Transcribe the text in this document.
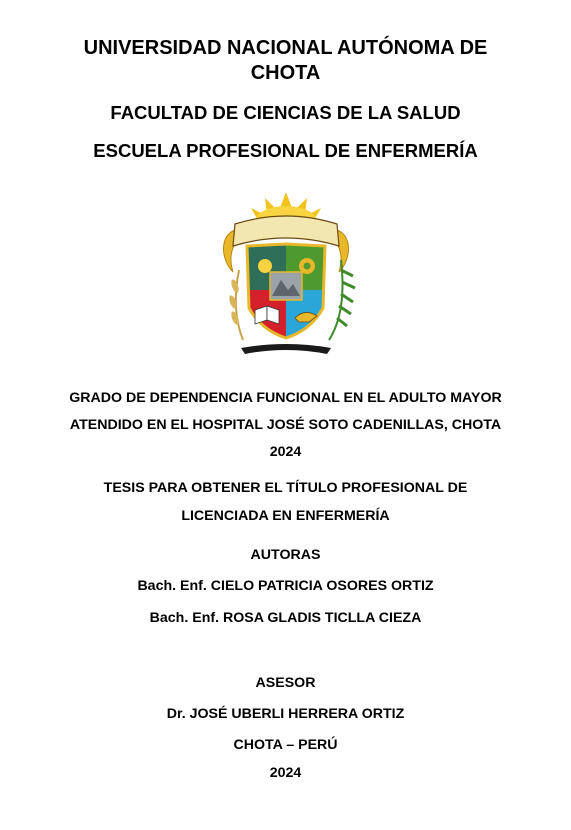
UNIVERSIDAD NACIONAL AUTÓNOMA DE
CHOTA
FACULTAD DE CIENCIAS DE LA SALUD
ESCUELA PROFESIONAL DE ENFERMERÍA
GRADO DE DEPENDENCIA FUNCIONAL EN EL ADULTO MAYOR
ATENDIDO EN EL HOSPITAL JOSÉ SOTO CADENILLAS, CHOTA
2024
TESIS PARA OBTENER EL TÍTULO PROFESIONAL DE
LICENCIADA EN ENFERMERÍA
AUTORAS
Bach. Enf. CIELO PATRICIA OSORES ORTIZ
Bach. Enf. ROSA GLADIS TICLLA CIEZA
ASESOR
Dr. JOSÉ UBERLI HERRERA ORTIZ
CHOTA – PERÚ
2024
